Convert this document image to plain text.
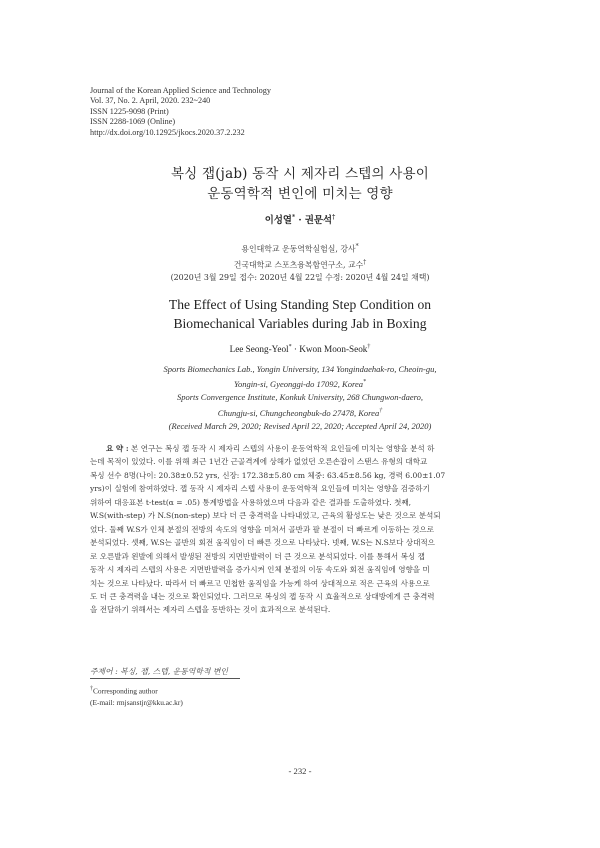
Journal of the Korean Applied Science and Technology
Vol. 37, No. 2. April, 2020. 232~240
ISSN 1225-9098 (Print)
ISSN 2288-1069 (Online)
http://dx.doi.org/10.12925/jkocs.2020.37.2.232
복싱 잽(jab) 동작 시 제자리 스텝의 사용이
운동역학적 변인에 미치는 영향
이성열* · 권문석†
용인대학교 운동역학실험실, 강사*
건국대학교 스포츠융복합연구소, 교수†
(2020년 3월 29일 접수: 2020년 4월 22일 수정: 2020년 4월 24일 채택)
The Effect of Using Standing Step Condition on
Biomechanical Variables during Jab in Boxing
Lee Seong-Yeol* · Kwon Moon-Seok†
Sports Biomechanics Lab., Yongin University, 134 Yongindaehak-ro, Cheoin-gu,
Yongin-si, Gyeonggi-do 17092, Korea*
Sports Convergence Institute, Konkuk University, 268 Chungwon-daero,
Chungju-si, Chungcheongbuk-do 27478, Korea†
(Received March 29, 2020; Revised April 22, 2020; Accepted April 24, 2020)
요 약 : 본 연구는 복싱 잽 동작 시 제자리 스텝의 사용이 운동역학적 요인들에 미치는 영향을 분석 하
는데 목적이 있었다. 이를 위해 최근 1년간 근골격계에 상해가 없었던 오른손잡이 스탠스 유형의 대학교
복싱 선수 8명(나이: 20.38±0.52 yrs, 신장: 172.38±5.80 cm 체중: 63.45±8.56 kg, 경력 6.00±1.07
yrs)이 실험에 참여하였다. 잽 동작 시 제자리 스텝 사용이 운동역학적 요인들에 미치는 영향을 검증하기
위하여 대응표본 t-test(α = .05) 통계방법을 사용하였으며 다음과 같은 결과를 도출하였다. 첫째,
W.S(with-step) 가 N.S(non-step) 보다 더 큰 충격력을 나타내었고, 근육의 활성도는 낮은 것으로 분석되
었다. 둘째 W.S가 인체 분절의 전방의 속도의 영향을 미쳐서 골반과 팔 분절이 더 빠르게 이동하는 것으로
분석되었다. 셋째, W.S는 골반의 회전 움직임이 더 빠른 것으로 나타났다. 넷째, W.S는 N.S보다 상대적으
로 오른발과 왼발에 의해서 발생된 전방의 지면반발력이 더 큰 것으로 분석되었다. 이를 통해서 복싱 잽
동작 시 제자리 스텝의 사용은 지면반발력을 증가시켜 인체 분절의 이동 속도와 회전 움직임에 영향을 미
치는 것으로 나타났다. 따라서 더 빠르고 민첩한 움직임을 가능케 하여 상대적으로 적은 근육의 사용으로
도 더 큰 충격력을 내는 것으로 확인되었다. 그러므로 복싱의 잽 동작 시 효율적으로 상대방에게 큰 충격력
을 전달하기 위해서는 제자리 스텝을 동반하는 것이 효과적으로 분석된다.
주제어 : 복싱, 잽, 스텝, 운동역학적 변인
†Corresponding author
(E-mail: rmjsanstjr@kku.ac.kr)
- 232 -
